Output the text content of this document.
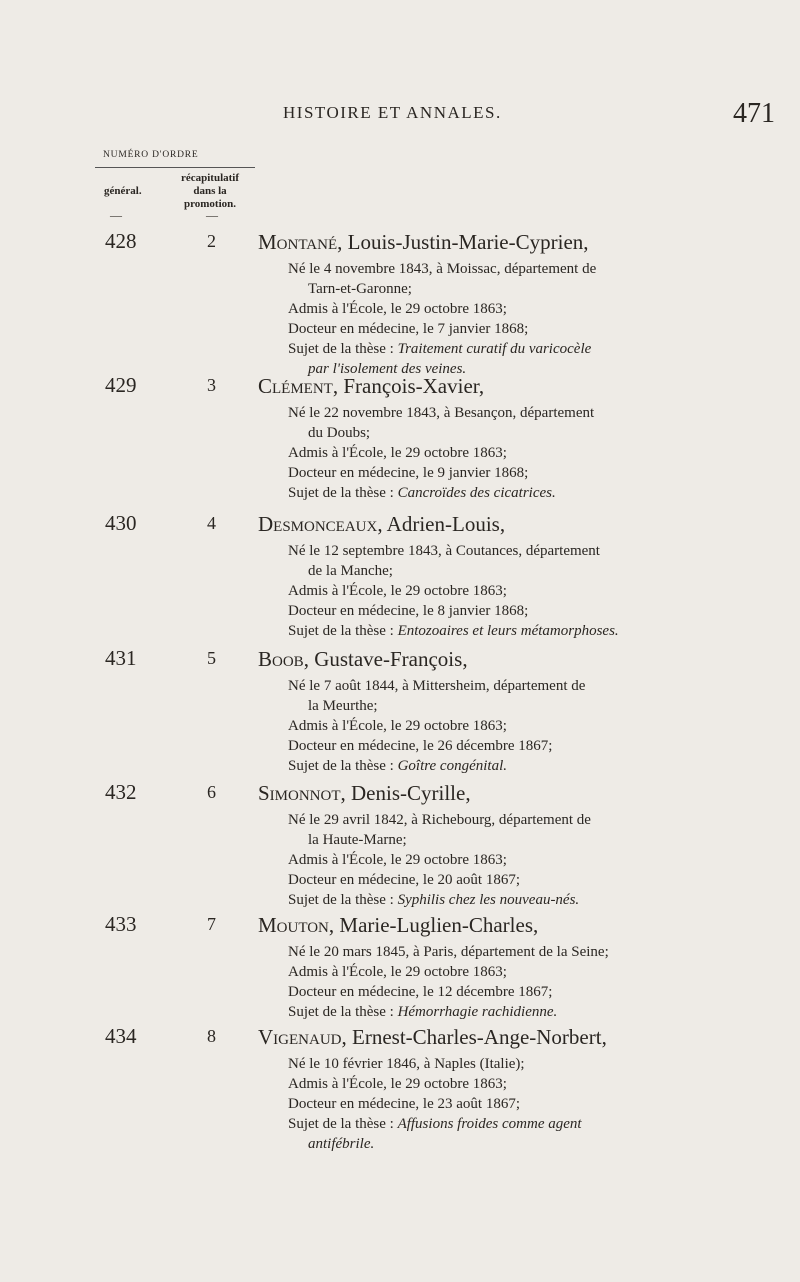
HISTOIRE ET ANNALES.	471
NUMÉRO D'ORDRE
général.
récapitulatif dans la promotion.
—	—
428	2 Montané, Louis-Justin-Marie-Cyprien,

Né le 4 novembre 1843, à Moissac, département de

Tarn-et-Garonne;

Admis à l'École, le 29 octobre 1863;

Docteur en médecine, le 7 janvier 1868;

Sujet de la thèse : Traitement curatif du varicocèle

par l'isolement des veines.

429	3 Clément, François-Xavier,

Né le 22 novembre 1843, à Besançon, département

du Doubs;

Admis à l'École, le 29 octobre 1863;

Docteur en médecine, le 9 janvier 1868;

Sujet de la thèse : Cancroïdes des cicatrices.

430	4 Desmonceaux, Adrien-Louis,

Né le 12 septembre 1843, à Coutances, département

de la Manche;

Admis à l'École, le 29 octobre 1863;

Docteur en médecine, le 8 janvier 1868;

Sujet de la thèse : Entozoaires et leurs métamorphoses.

431	5 Boob, Gustave-François,

Né le 7 août 1844, à Mittersheim, département de

la Meurthe;

Admis à l'École, le 29 octobre 1863;

Docteur en médecine, le 26 décembre 1867;

Sujet de la thèse : Goître congénital.

432	6 Simonnot, Denis-Cyrille,

Né le 29 avril 1842, à Richebourg, département de

la Haute-Marne;

Admis à l'École, le 29 octobre 1863;

Docteur en médecine, le 20 août 1867;

Sujet de la thèse : Syphilis chez les nouveau-nés.

433	7 Mouton, Marie-Luglien-Charles,

Né le 20 mars 1845, à Paris, département de la Seine;

Admis à l'École, le 29 octobre 1863;

Docteur en médecine, le 12 décembre 1867;

Sujet de la thèse : Hémorrhagie rachidienne.

434	8 Vigenaud, Ernest-Charles-Ange-Norbert,

Né le 10 février 1846, à Naples (Italie);

Admis à l'École, le 29 octobre 1863;

Docteur en médecine, le 23 août 1867;

Sujet de la thèse : Affusions froides comme agent

antifébrile.
